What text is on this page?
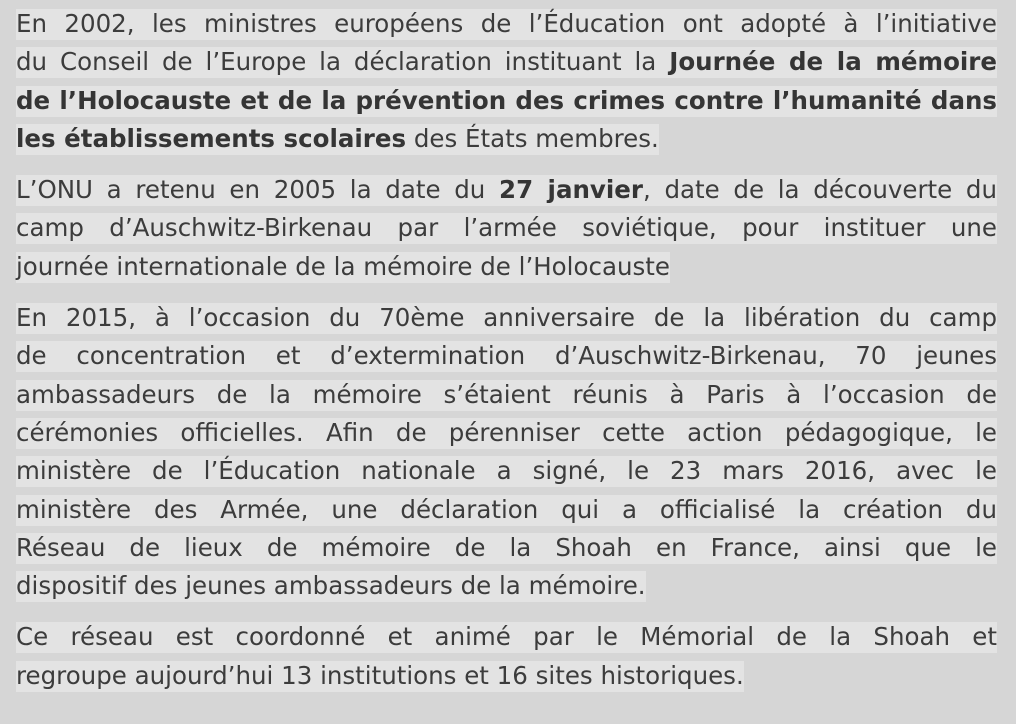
En 2002, les ministres européens de l’Éducation ont adopté à l’initiative
du Conseil de l’Europe la déclaration instituant la Journée de la mémoire
de l’Holocauste et de la prévention des crimes contre l’humanité dans
les établissements scolaires des États membres.

L’ONU a retenu en 2005 la date du 27 janvier, date de la découverte du
camp d’Auschwitz-Birkenau par l’armée soviétique, pour instituer une
journée internationale de la mémoire de l’Holocauste

En 2015, à l’occasion du 70ème anniversaire de la libération du camp
de concentration et d’extermination d’Auschwitz-Birkenau, 70 jeunes
ambassadeurs de la mémoire s’étaient réunis à Paris à l’occasion de
cérémonies officielles. Afin de pérenniser cette action pédagogique, le
ministère de l’Éducation nationale a signé, le 23 mars 2016, avec le
ministère des Armée, une déclaration qui a officialisé la création du
Réseau de lieux de mémoire de la Shoah en France, ainsi que le
dispositif des jeunes ambassadeurs de la mémoire.

Ce réseau est coordonné et animé par le Mémorial de la Shoah et
regroupe aujourd’hui 13 institutions et 16 sites historiques.
